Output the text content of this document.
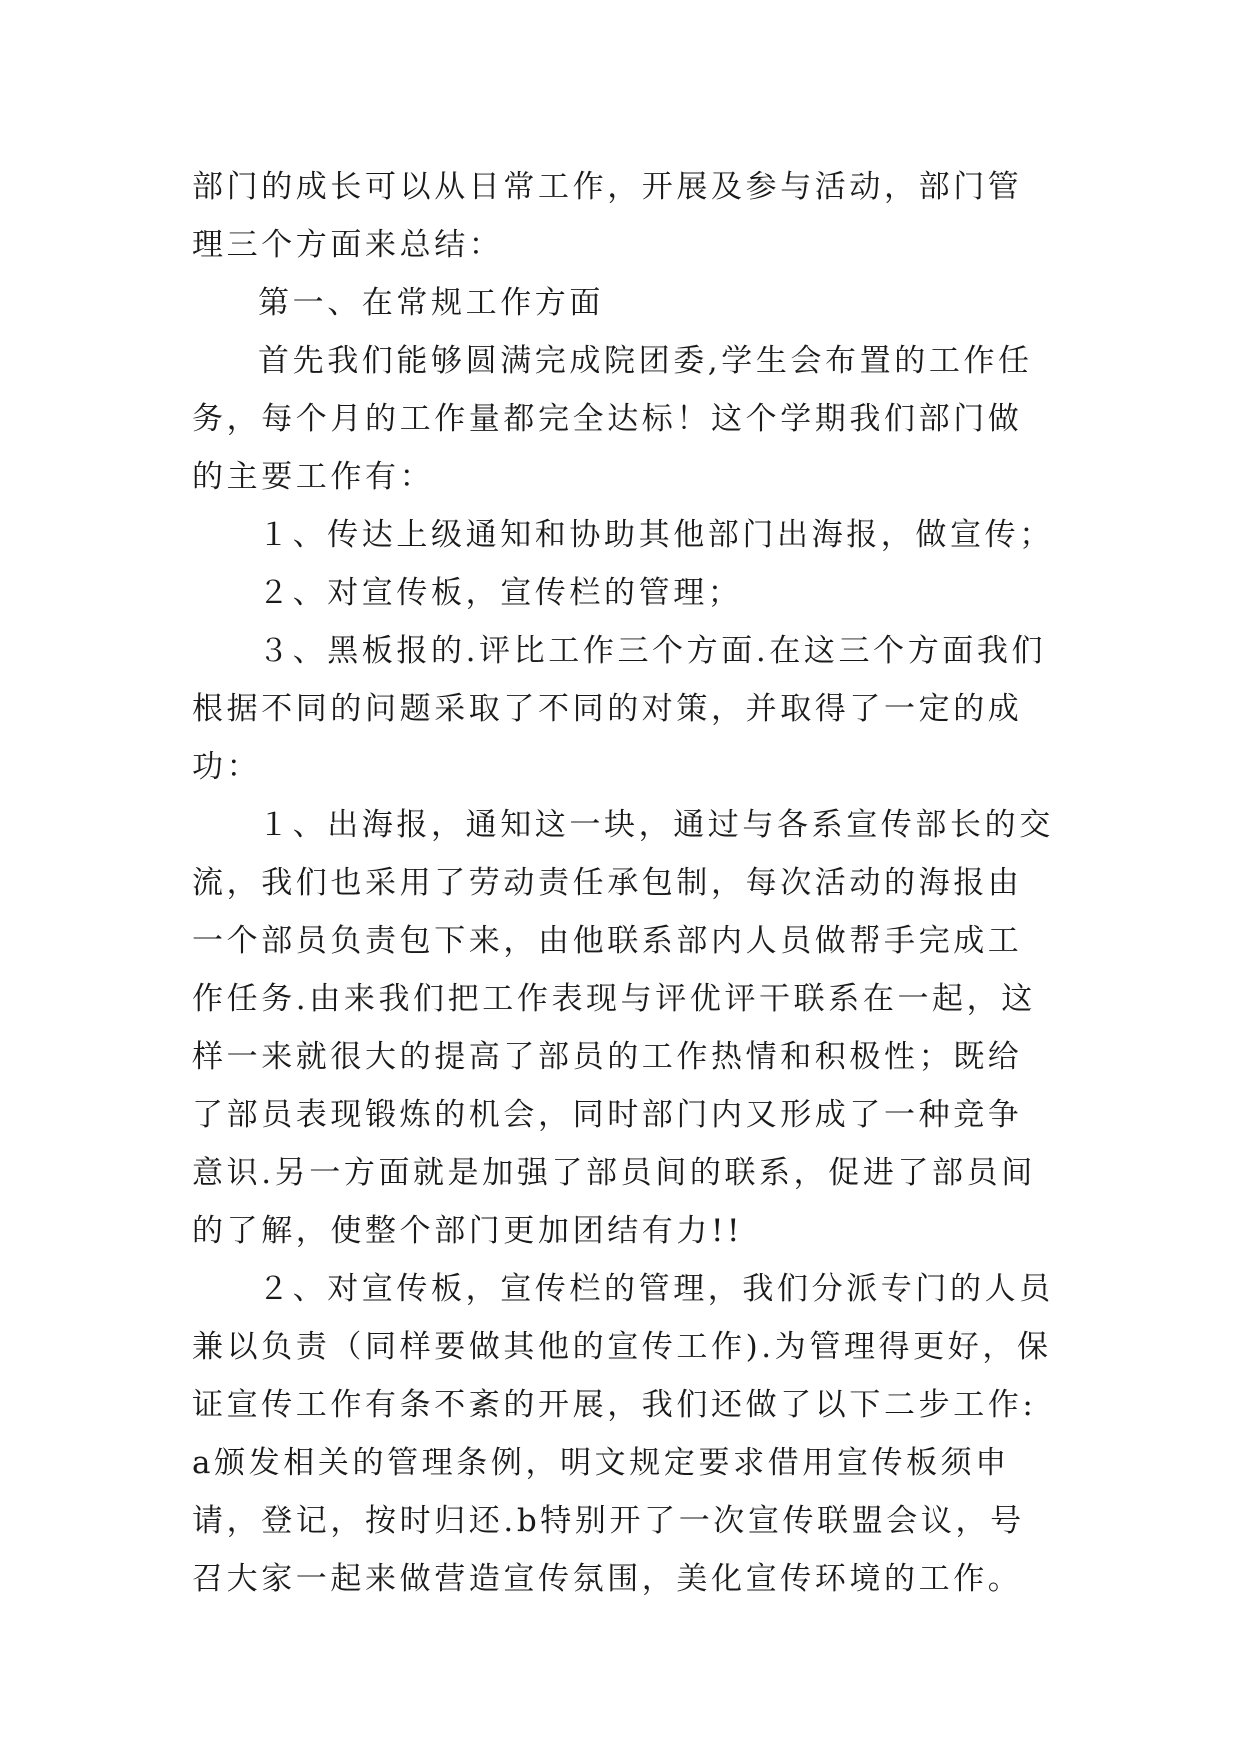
部门的成长可以从日常工作，开展及参与活动，部门管理三个方面来总结：

第一、在常规工作方面

首先我们能够圆满完成院团委,学生会布置的工作任务，每个月的工作量都完全达标！这个学期我们部门做的主要工作有：

１、传达上级通知和协助其他部门出海报，做宣传；

２、对宣传板，宣传栏的管理；

３、黑板报的.评比工作三个方面.在这三个方面我们根据不同的问题采取了不同的对策，并取得了一定的成功：

１、出海报，通知这一块，通过与各系宣传部长的交流，我们也采用了劳动责任承包制，每次活动的海报由一个部员负责包下来，由他联系部内人员做帮手完成工作任务.由来我们把工作表现与评优评干联系在一起，这样一来就很大的提高了部员的工作热情和积极性；既给了部员表现锻炼的机会，同时部门内又形成了一种竞争意识.另一方面就是加强了部员间的联系，促进了部员间的了解，使整个部门更加团结有力!!

２、对宣传板，宣传栏的管理，我们分派专门的人员兼以负责（同样要做其他的宣传工作).为管理得更好，保证宣传工作有条不紊的开展，我们还做了以下二步工作:a颁发相关的管理条例，明文规定要求借用宣传板须申请，登记，按时归还.b特别开了一次宣传联盟会议，号召大家一起来做营造宣传氛围，美化宣传环境的工作。
